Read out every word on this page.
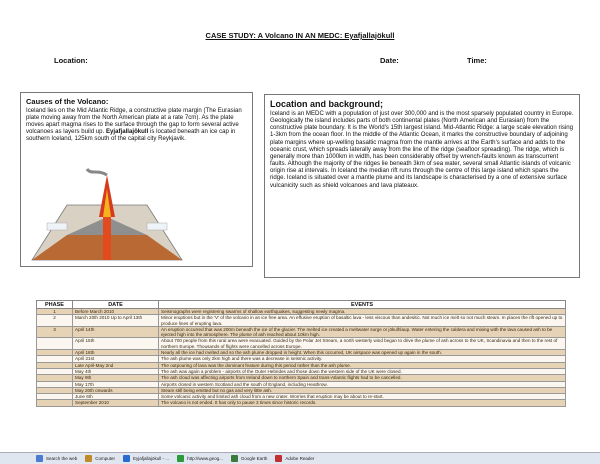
CASE STUDY: A Volcano IN AN MEDC: Eyafjallajökull
Location:	Date:	Time:
Causes of the Volcano:

Iceland lies on the Mid Atlantic Ridge, a constructive plate margin (The Eurasian plate moving away from the North American plate at a rate 7cm). As the plate moves apart magma rises to the surface through the gap to form several active volcanoes as layers build up. Eyjafjallajökull is located beneath an ice cap in southern Iceland, 125km south of the capital city Reykjavik.

Location and background;

Iceland is an MEDC with a population of just over 300,000 and is the most sparsely populated country in Europe. Geologically the island includes parts of both continental plates (North American and Eurasian) from the constructive plate boundary. It is the World's 15th largest island. Mid-Atlantic Ridge: a large scale elevation rising 1-3km from the ocean floor. In the middle of the Atlantic Ocean, it marks the constructive boundary of adjoining plate margins where up-welling basaltic magma from the mantle arrives at the Earth's surface and adds to the oceanic crust, which spreads laterally away from the line of the ridge (seafloor spreading). The ridge, which is generally more than 1000km in width, has been considerably offset by wrench-faults known as transcurrent faults. Although the majority of the ridges lie beneath 3km of sea water, several small Atlantic islands of volcanic origin rise at intervals. In Iceland the median rift runs through the centre of this large island which spans the ridge. Iceland is situated over a mantle plume and its landscape is characterised by a one of extensive surface vulcanicity such as shield volcanoes and lava plateaux.

PHASE	DATE	EVENTS
1	Before March 2010	Seismographs were registering swarms of shallow earthquakes, suggesting newly magma.
2	March 20th 2010 Up to April 13th	Minor eruptions but in the 'V' of the volcano in an ice free area. An effusive eruption of basaltic lava - less viscous than andesitic. Not much ice melt so not much steam. In places the rift opened up to produce lines of erupting lava.
3	April 14th	An eruption occurred that was 200m beneath the ice of the glacier. The melted ice created a meltwater surge or jökulhlaup. Water entering the caldera and mixing with the lava caused ash to be ejected high into the atmosphere. The plume of ash reached about 10km high.
	April 15th	About 700 people from this rural area were evacuated. Guided by the Polar Jet Stream, a north westerly wind began to drive the plume of ash across to the UK, Scandinavia and then to the rest of northern Europe. Thousands of flights were cancelled across Europe.
	April 18th	Nearly all the ice had melted and so the ash plume dropped in height. When this occurred, UK airspace was opened up again in the south.
	April 21st	The ash plume was only 2km high and there was a decrease in seismic activity.
	Late April-May 2nd	The outpouring of lava was the dominant feature during this period rather than the ash plume.
	May 4th	The ash was again a problem - airports of the Outer Hebrides and those down the western side of the UK were closed.
	May 9th	The ash cloud was affecting airports from Ireland down to northern Spain and trans-Atlantic flights had to be cancelled.
	May 17th	Airports closed in western Scotland and the south of England, including Heathrow.
	May 20th onwards	Steam still being emitted but no gas and very little ash.
	June 6th	Some volcanic activity and limited ash cloud from a new crater. Worries that eruption may be about to re-start.
	September 2010	The volcano is not ended. It has only to pause 3 times since historic records.
Search the web	Computer	Eyjafjallajökull - ...	http://www.geog...	Google Earth	Adobe Reader
